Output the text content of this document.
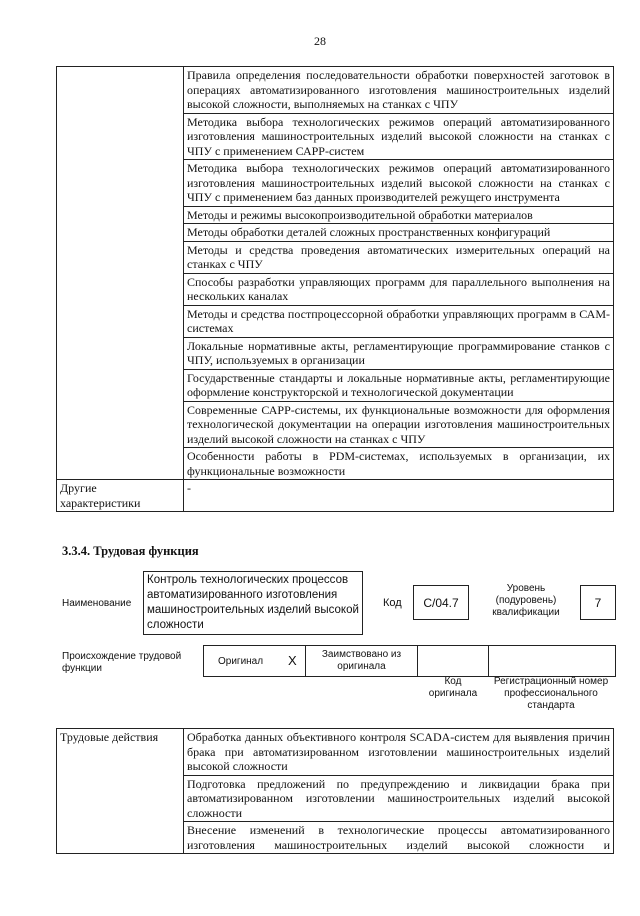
28
	Правила определения последовательности обработки поверхностей заготовок в операциях автоматизированного изготовления машиностроительных изделий высокой сложности, выполняемых на станках с ЧПУ
	Методика выбора технологических режимов операций автоматизированного изготовления машиностроительных изделий высокой сложности на станках с ЧПУ с применением САРР-систем
	Методика выбора технологических режимов операций автоматизированного изготовления машиностроительных изделий высокой сложности на станках с ЧПУ с применением баз данных производителей режущего инструмента
	Методы и режимы высокопроизводительной обработки материалов
	Методы обработки деталей сложных пространственных конфигураций
	Методы и средства проведения автоматических измерительных операций на станках с ЧПУ
	Способы разработки управляющих программ для параллельного выполнения на нескольких каналах
	Методы и средства постпроцессорной обработки управляющих программ в САМ-системах
	Локальные нормативные акты, регламентирующие программирование станков с ЧПУ, используемых в организации
	Государственные стандарты и локальные нормативные акты, регламентирующие оформление конструкторской и технологической документации
	Современные САРР-системы, их функциональные возможности для оформления технологической документации на операции изготовления машиностроительных изделий высокой сложности на станках с ЧПУ
	Особенности работы в PDM-системах, используемых в организации, их функциональные возможности
Другие характеристики	-
3.3.4. Трудовая функция
Наименование
Контроль технологических процессов автоматизированного изготовления машиностроительных изделий высокой сложности
Код	C/04.7
Уровень (подуровень) квалификации
7
Происхождение трудовой функции
Оригинал X	Заимствовано из оригинала
Код оригинала
Регистрационный номер профессионального стандарта
Трудовые действия	Обработка данных объективного контроля SCADA-систем для выявления причин брака при автоматизированном изготовлении машиностроительных изделий высокой сложности
Подготовка предложений по предупреждению и ликвидации брака при автоматизированном изготовлении машиностроительных изделий высокой сложности
Внесение изменений в технологические процессы автоматизированного изготовления машиностроительных изделий высокой сложности и
